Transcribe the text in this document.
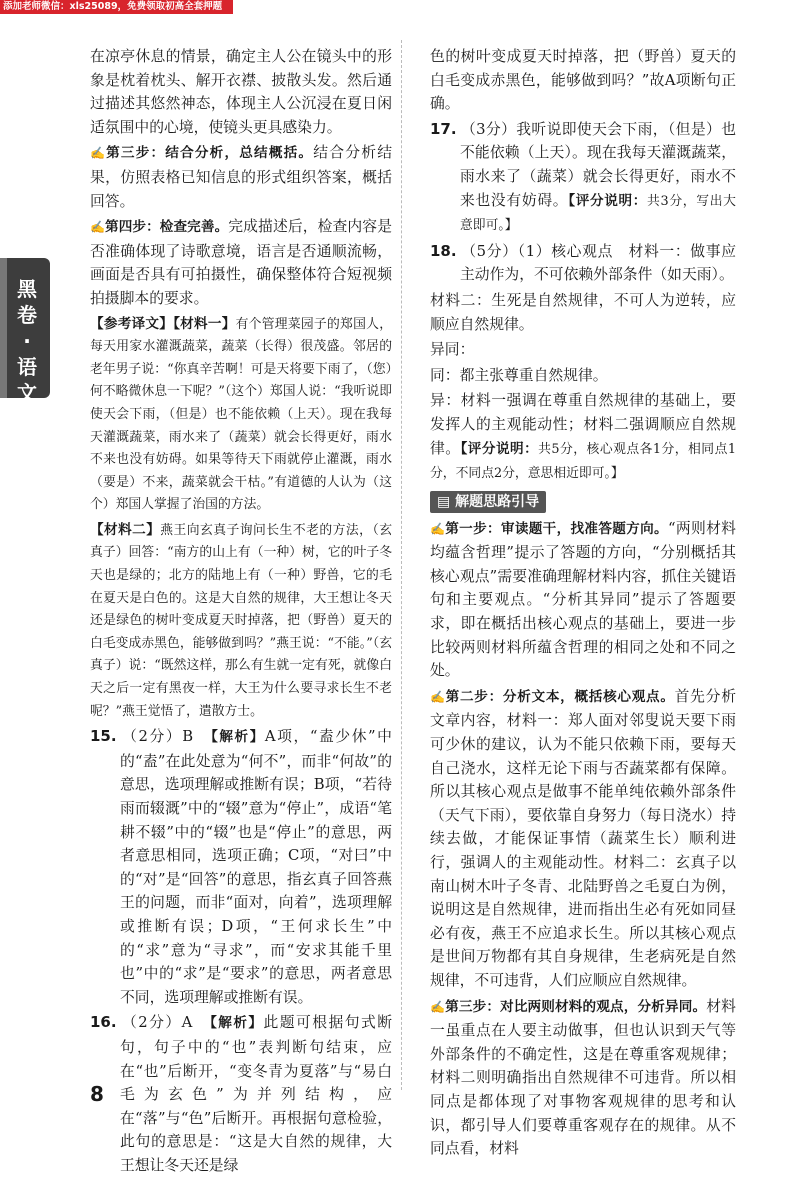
添加老师微信：xls25089，免费领取初高全套押题
黑卷·语文

在凉亭休息的情景，确定主人公在镜头中的形象是枕着枕头、解开衣襟、披散头发。然后通过描述其悠然神态，体现主人公沉浸在夏日闲适氛围中的心境，使镜头更具感染力。

✍第三步：结合分析，总结概括。结合分析结果，仿照表格已知信息的形式组织答案，概括回答。

✍第四步：检查完善。完成描述后，检查内容是否准确体现了诗歌意境，语言是否通顺流畅，画面是否具有可拍摄性，确保整体符合短视频拍摄脚本的要求。

【参考译文】【材料一】有个管理菜园子的郑国人，每天用家水灌溉蔬菜，蔬菜（长得）很茂盛。邻居的老年男子说：“你真辛苦啊！可是天将要下雨了，（您）何不略微休息一下呢？”（这个）郑国人说：“我听说即使天会下雨，（但是）也不能依赖（上天）。现在我每天灌溉蔬菜，雨水来了（蔬菜）就会长得更好，雨水不来也没有妨碍。如果等待天下雨就停止灌溉，雨水（要是）不来，蔬菜就会干枯。”有道德的人认为（这个）郑国人掌握了治国的方法。

【材料二】燕王向玄真子询问长生不老的方法，（玄真子）回答：“南方的山上有（一种）树，它的叶子冬天也是绿的；北方的陆地上有（一种）野兽，它的毛在夏天是白色的。这是大自然的规律，大王想让冬天还是绿色的树叶变成夏天时掉落，把（野兽）夏天的白毛变成赤黑色，能够做到吗？”燕王说：“不能。”（玄真子）说：“既然这样，那么有生就一定有死，就像白天之后一定有黑夜一样，大王为什么要寻求长生不老呢？”燕王觉悟了，遣散方士。

15. （2分）B　【解析】A项，“盍少休”中的“盍”在此处意为“何不”，而非“何故”的意思，选项理解或推断有误；B项，“若待雨而辍溉”中的“辍”意为“停止”，成语“笔耕不辍”中的“辍”也是“停止”的意思，两者意思相同，选项正确；C项，“对曰”中的“对”是“回答”的意思，指玄真子回答燕王的问题，而非“面对，向着”，选项理解或推断有误；D项，“王何求长生”中的“求”意为“寻求”，而“安求其能千里也”中的“求”是“要求”的意思，两者意思不同，选项理解或推断有误。

16. （2分）A　【解析】此题可根据句式断句，句子中的“也”表判断句结束，应在“也”后断开，“变冬青为夏落”与“易白毛为玄色”为并列结构，应在“落”与“色”后断开。再根据句意检验，此句的意思是：“这是大自然的规律，大王想让冬天还是绿

色的树叶变成夏天时掉落，把（野兽）夏天的白毛变成赤黑色，能够做到吗？”故A项断句正确。

17. （3分）我听说即使天会下雨，（但是）也不能依赖（上天）。现在我每天灌溉蔬菜，雨水来了（蔬菜）就会长得更好，雨水不来也没有妨碍。【评分说明：共3分，写出大意即可。】

18. （5分）（1）核心观点　材料一：做事应主动作为，不可依赖外部条件（如天雨）。

材料二：生死是自然规律，不可人为逆转，应顺应自然规律。

异同：

同：都主张尊重自然规律。

异：材料一强调在尊重自然规律的基础上，要发挥人的主观能动性；材料二强调顺应自然规律。【评分说明：共5分，核心观点各1分，相同点1分，不同点2分，意思相近即可。】

▤ 解题思路引导

✍第一步：审读题干，找准答题方向。“两则材料均蕴含哲理”提示了答题的方向，“分别概括其核心观点”需要准确理解材料内容，抓住关键语句和主要观点。“分析其异同”提示了答题要求，即在概括出核心观点的基础上，要进一步比较两则材料所蕴含哲理的相同之处和不同之处。

✍第二步：分析文本，概括核心观点。首先分析文章内容，材料一：郑人面对邻叟说天要下雨可少休的建议，认为不能只依赖下雨，要每天自己浇水，这样无论下雨与否蔬菜都有保障。所以其核心观点是做事不能单纯依赖外部条件（天气下雨），要依靠自身努力（每日浇水）持续去做，才能保证事情（蔬菜生长）顺利进行，强调人的主观能动性。材料二：玄真子以南山树木叶子冬青、北陆野兽之毛夏白为例，说明这是自然规律，进而指出生必有死如同昼必有夜，燕王不应追求长生。所以其核心观点是世间万物都有其自身规律，生老病死是自然规律，不可违背，人们应顺应自然规律。

✍第三步：对比两则材料的观点，分析异同。材料一虽重点在人要主动做事，但也认识到天气等外部条件的不确定性，这是在尊重客观规律；材料二则明确指出自然规律不可违背。所以相同点是都体现了对事物客观规律的思考和认识，都引导人们要尊重客观存在的规律。从不同点看，材料

8
